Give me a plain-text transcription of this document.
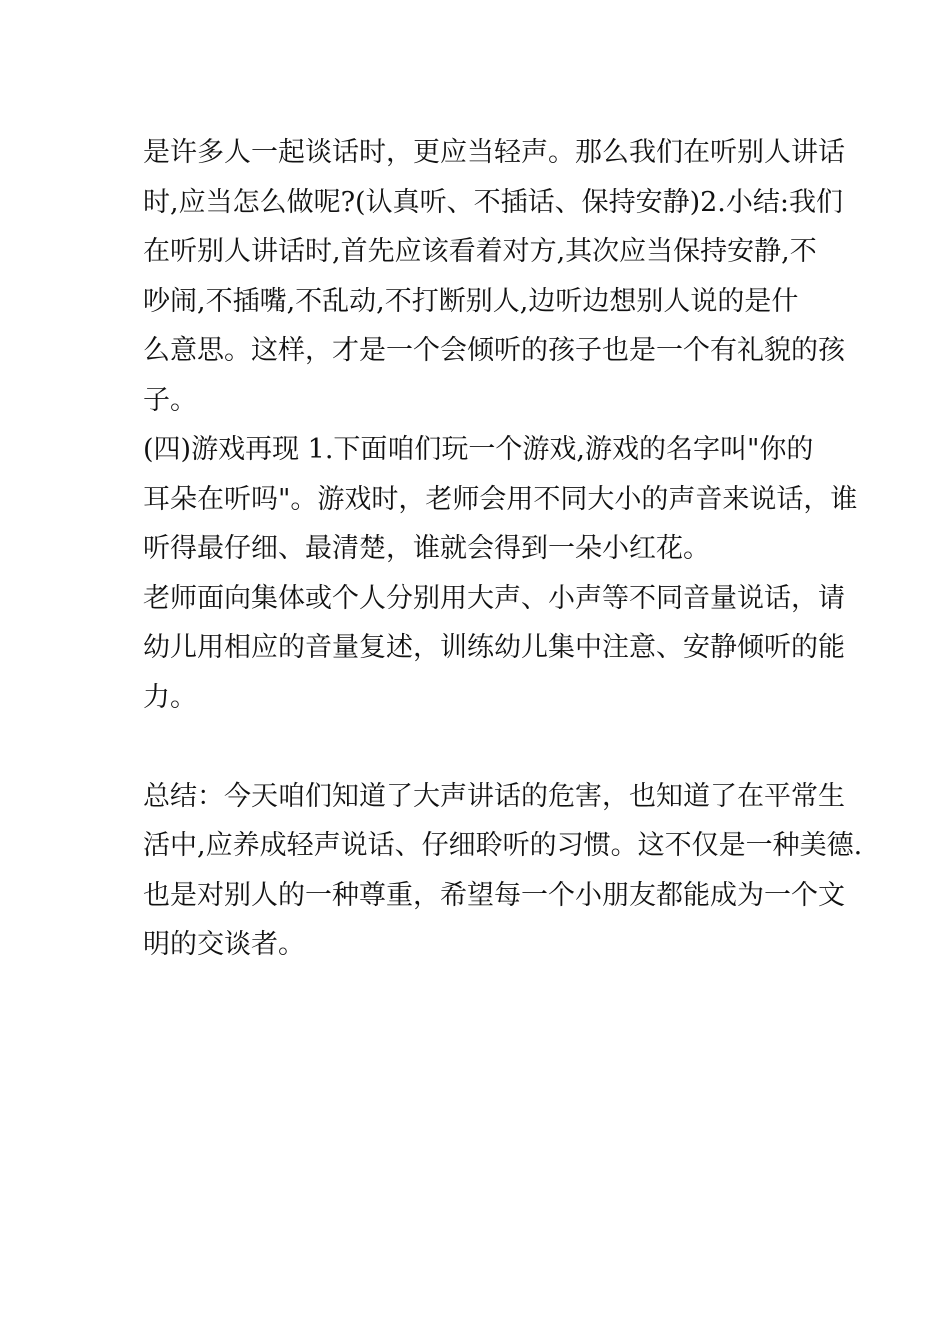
是许多人一起谈话时，更应当轻声。那么我们在听别人讲话
时,应当怎么做呢?(认真听、不插话、保持安静)2.小结:我们
在听别人讲话时,首先应该看着对方,其次应当保持安静,不
吵闹,不插嘴,不乱动,不打断别人,边听边想别人说的是什
么意思。这样，才是一个会倾听的孩子也是一个有礼貌的孩
子。
(四)游戏再现 1.下面咱们玩一个游戏,游戏的名字叫"你的
耳朵在听吗"。游戏时，老师会用不同大小的声音来说话，谁
听得最仔细、最清楚，谁就会得到一朵小红花。
老师面向集体或个人分别用大声、小声等不同音量说话，请
幼儿用相应的音量复述，训练幼儿集中注意、安静倾听的能
力。
总结：今天咱们知道了大声讲话的危害，也知道了在平常生
活中,应养成轻声说话、仔细聆听的习惯。这不仅是一种美德.
也是对别人的一种尊重，希望每一个小朋友都能成为一个文
明的交谈者。
